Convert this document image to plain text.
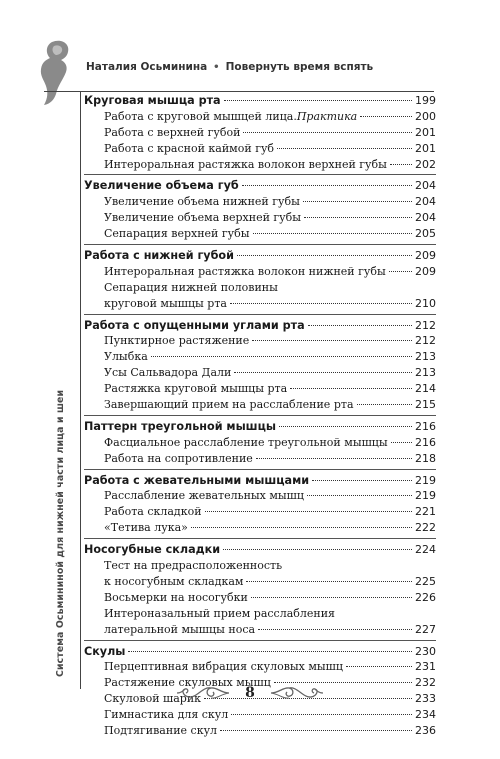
Наталия Осьминина • Повернуть время вспять
Система Осьмининой для нижней части лица и шеи
Круговая мышца рта	199
Работа с круговой мышцей лица. Практика	200
Работа с верхней губой	201
Работа с красной каймой губ	201
Интероральная растяжка волокон верхней губы	202
Увеличение объема губ	204
Увеличение объема нижней губы	204
Увеличение объема верхней губы	204
Сепарация верхней губы	205
Работа с нижней губой	209
Интероральная растяжка волокон нижней губы	209
Сепарация нижней половины
круговой мышцы рта	210
Работа с опущенными углами рта	212
Пунктирное растяжение	212
Улыбка	213
Усы Сальвадора Дали	213
Растяжка круговой мышцы рта	214
Завершающий прием на расслабление рта	215
Паттерн треугольной мышцы	216
Фасциальное расслабление треугольной мышцы 216
Работа на сопротивление	218
Работа с жевательными мышцами	219
Расслабление жевательных мышц	219
Работа складкой	221
«Тетива лука»	222
Носогубные складки	224
Тест на предрасположенность
к носогубным складкам	225
Восьмерки на носогубки	226
Интероназальный прием расслабления
латеральной мышцы носа	227
Скулы	230
Перцептивная вибрация скуловых мышц	231
Растяжение скуловых мышц	232
Скуловой шарик	233
Гимнастика для скул	234
Подтягивание скул	236
8
